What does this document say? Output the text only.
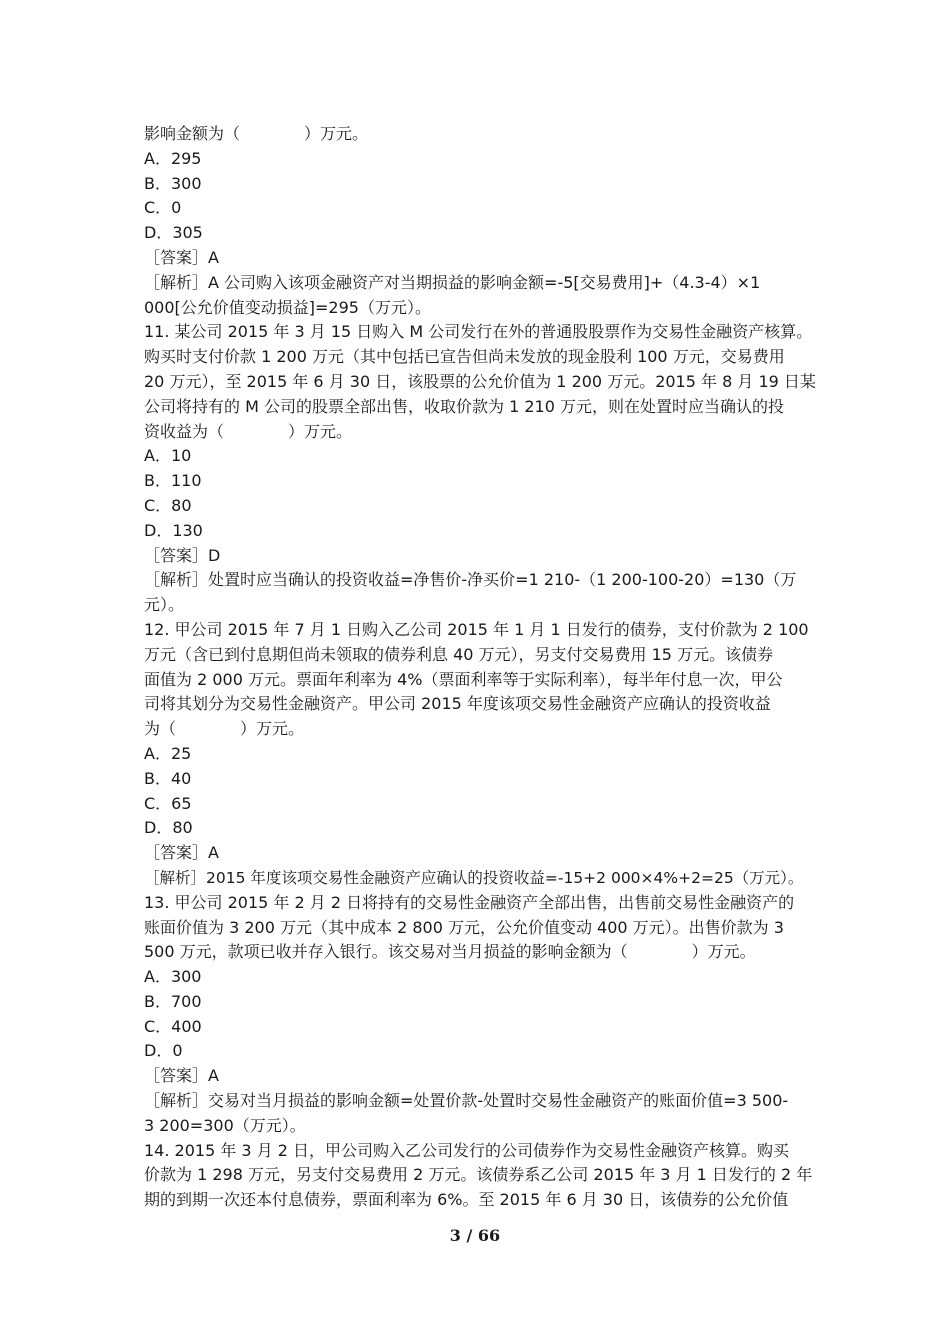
影响金额为（　　　　）万元。
A．295
B．300
C．0
D．305
［答案］A
［解析］A 公司购入该项金融资产对当期损益的影响金额=-5[交易费用]+（4.3-4）×1
000[公允价值变动损益]=295（万元）。
11. 某公司 2015 年 3 月 15 日购入 M 公司发行在外的普通股股票作为交易性金融资产核算。
购买时支付价款 1 200 万元（其中包括已宣告但尚未发放的现金股利 100 万元，交易费用
20 万元），至 2015 年 6 月 30 日，该股票的公允价值为 1 200 万元。2015 年 8 月 19 日某
公司将持有的 M 公司的股票全部出售，收取价款为 1 210 万元，则在处置时应当确认的投
资收益为（　　　　）万元。
A．10
B．110
C．80
D．130
［答案］D
［解析］处置时应当确认的投资收益=净售价-净买价=1 210-（1 200-100-20）=130（万
元）。
12. 甲公司 2015 年 7 月 1 日购入乙公司 2015 年 1 月 1 日发行的债券，支付价款为 2 100
万元（含已到付息期但尚未领取的债券利息 40 万元），另支付交易费用 15 万元。该债券
面值为 2 000 万元。票面年利率为 4%（票面利率等于实际利率），每半年付息一次，甲公
司将其划分为交易性金融资产。甲公司 2015 年度该项交易性金融资产应确认的投资收益
为（　　　　）万元。
A．25
B．40
C．65
D．80
［答案］A
［解析］2015 年度该项交易性金融资产应确认的投资收益=-15+2 000×4%+2=25（万元）。
13. 甲公司 2015 年 2 月 2 日将持有的交易性金融资产全部出售，出售前交易性金融资产的
账面价值为 3 200 万元（其中成本 2 800 万元，公允价值变动 400 万元）。出售价款为 3
500 万元，款项已收并存入银行。该交易对当月损益的影响金额为（　　　　）万元。
A．300
B．700
C．400
D．0
［答案］A
［解析］交易对当月损益的影响金额=处置价款-处置时交易性金融资产的账面价值=3 500-
3 200=300（万元）。
14. 2015 年 3 月 2 日，甲公司购入乙公司发行的公司债券作为交易性金融资产核算。购买
价款为 1 298 万元，另支付交易费用 2 万元。该债券系乙公司 2015 年 3 月 1 日发行的 2 年
期的到期一次还本付息债券，票面利率为 6%。至 2015 年 6 月 30 日，该债券的公允价值
3 / 66
